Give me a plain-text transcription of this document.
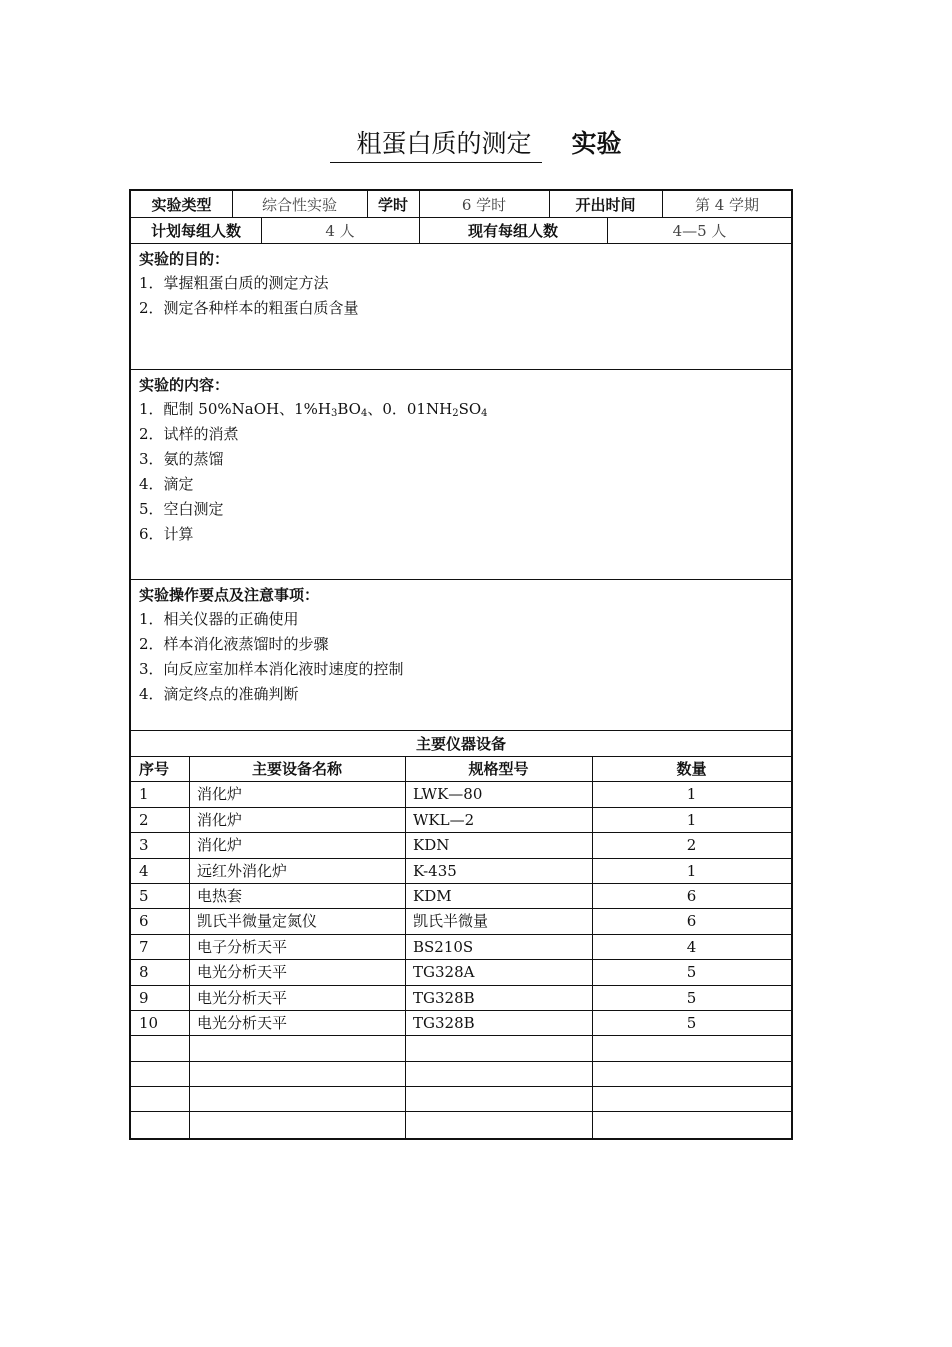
粗蛋白质的测定 实验
实验类型	综合性实验	学时	6 学时	开出时间	第 4 学期
计划每组人数	4 人	现有每组人数	4—5 人
实验的目的：
1．掌握粗蛋白质的测定方法
2．测定各种样本的粗蛋白质含量
实验的内容：
1．配制 50%NaOH、$1\%H_3BO_4$、0．$01NH_2SO_4$
2．试样的消煮
3．氨的蒸馏
4．滴定
5．空白测定
6．计算
实验操作要点及注意事项：
1．相关仪器的正确使用
2．样本消化液蒸馏时的步骤
3．向反应室加样本消化液时速度的控制
4．滴定终点的准确判断
主要仪器设备
序号	主要设备名称	规格型号	数量
1	消化炉	LWK—80	1
2	消化炉	WKL—2	1
3	消化炉	KDN	2
4	远红外消化炉	K-435	1
5	电热套	KDM	6
6	凯氏半微量定氮仪	凯氏半微量	6
7	电子分析天平	BS210S	4
8	电光分析天平	TG328A	5
9	电光分析天平	TG328B	5
10	电光分析天平	TG328B	5
